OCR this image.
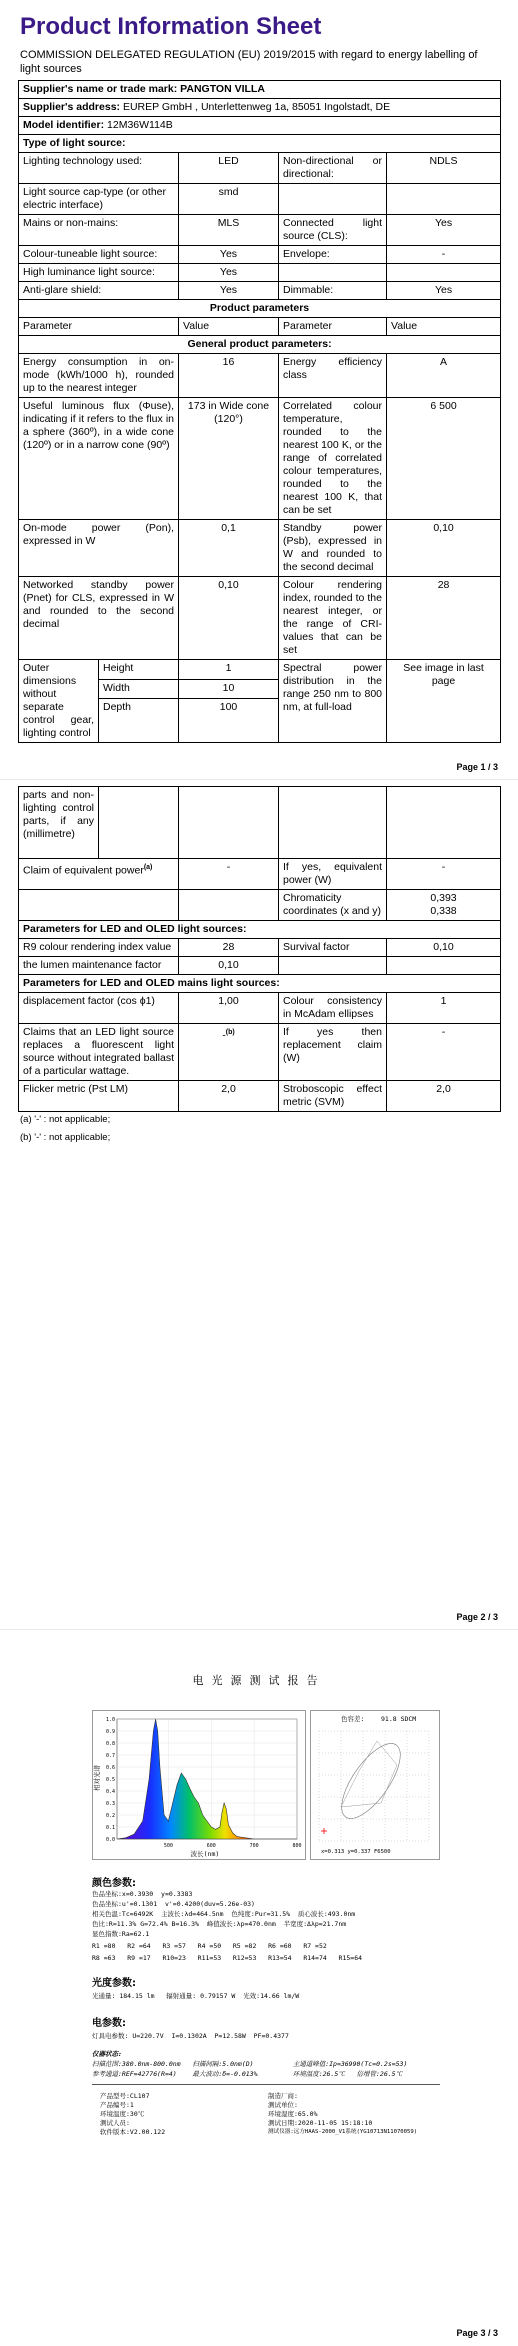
Product Information Sheet
COMMISSION DELEGATED REGULATION (EU) 2019/2015 with regard to energy labelling of light sources
Supplier's name or trade mark: PANGTON VILLA				
Supplier's address: EUREP GmbH , Unterlettenweg 1a, 85051 Ingolstadt, DE				
Model identifier: 12M36W114B				
Type of light source:				
Lighting technology used:		LED	Non-directional or directional:	NDLS
Light source cap-type (or other electric interface)		smd		
Mains or non-mains:		MLS	Connected light source (CLS):	Yes
Colour-tuneable light source:		Yes	Envelope:	-
High luminance light source:		Yes		
Anti-glare shield:		Yes	Dimmable:	Yes
Product parameters				
Parameter		Value	Parameter	Value
General product parameters:				
Energy consumption in on-mode (kWh/1000 h), rounded up to the nearest integer		16	Energy efficiency class	A
Useful luminous flux (Φuse), indicating if it refers to the flux in a sphere (360º), in a wide cone (120º) or in a narrow cone (90º)		173 in Wide cone (120°)	Correlated colour temperature, rounded to the nearest 100 K, or the range of correlated colour temperatures, rounded to the nearest 100 K, that can be set	6 500
On-mode power (Pon), expressed in W		0,1	Standby power (Psb), expressed in W and rounded to the second decimal	0,10
Networked standby power (Pnet) for CLS, expressed in W and rounded to the second decimal		0,10	Colour rendering index, rounded to the nearest integer, or the range of CRI-values that can be set	28
Outer dimensions without separate control gear, lighting control	Height	1	Spectral power distribution in the range 250 nm to 800 nm, at full-load	See image in last page
	Width	10		
	Depth	100		
Page 1 / 3
parts and non-lighting control parts, if any (millimetre)				
Claim of equivalent power$^{(a)}$		-	If yes, equivalent power (W)	-
			Chromaticity coordinates (x and y)	0,393
0,338
Parameters for LED and OLED light sources:				
R9 colour rendering index value		28	Survival factor	0,10
the lumen maintenance factor		0,10		
Parameters for LED and OLED mains light sources:				
displacement factor (cos ϕ1)		1,00	Colour consistency in McAdam ellipses	1
Claims that an LED light source replaces a fluorescent light source without integrated ballast of a particular wattage.		-$^{(b)}$	If yes then replacement claim (W)	-
Flicker metric (Pst LM)		2,0	Stroboscopic effect metric (SVM)	2,0
(a) '-' : not applicable;
(b) '-' : not applicable;
Page 2 / 3
电光源测试报告
0.0
0.1
0.2
0.3
0.4
0.5
0.6
0.7
0.8
0.9
1.0
500	600	700	800
相对光谱
波长(nm)
色容差:	91.8 SDCM
x=0.313 y=0.337 F6500
颜色参数:
色品坐标:x=0.3930  y=0.3383
色品坐标:u'=0.1301  v'=0.4200(duv=5.26e-03)
相关色温:Tc=6492K  主波长:λd=464.5nm  色纯度:Pur=31.5%  质心波长:493.0nm
色比:R=11.3% G=72.4% B=16.3%  峰值波长:λp=470.0nm  半宽度:Δλp=21.7nm
显色指数:Ra=62.1
R1 =80   R2 =64   R3 =57   R4 =50   R5 =82   R6 =60   R7 =52
R8 =63   R9 =17   R10=23   R11=53   R12=53   R13=54   R14=74   R15=64
光度参数:
光通量: 184.15 lm   辐射通量: 0.79157 W  光效:14.66 lm/W
电参数:
灯具电参数: U=220.7V  I=0.1302A  P=12.58W  PF=0.4377
仪器状态:
扫描范围:380.0nm-800.0nm   扫描间隔:5.0nm(D)          主通道峰值:Ip=36990(Tc=0.2s=53)
参考通道:REF=42776(R=4)    最大波动:δ=-0.013%         环境温度:26.5℃   倍增管:26.5℃
产品型号:CL107
产品编号:1
环境温度:30℃
测试人员:
软件版本:V2.00.122
制造厂商:
测试单位:
环境湿度:65.0%
测试日期:2020-11-05 15:18:10
测试仪器:远方HAAS-2000_V1系统(YG10713N11070059)
Page 3 / 3
